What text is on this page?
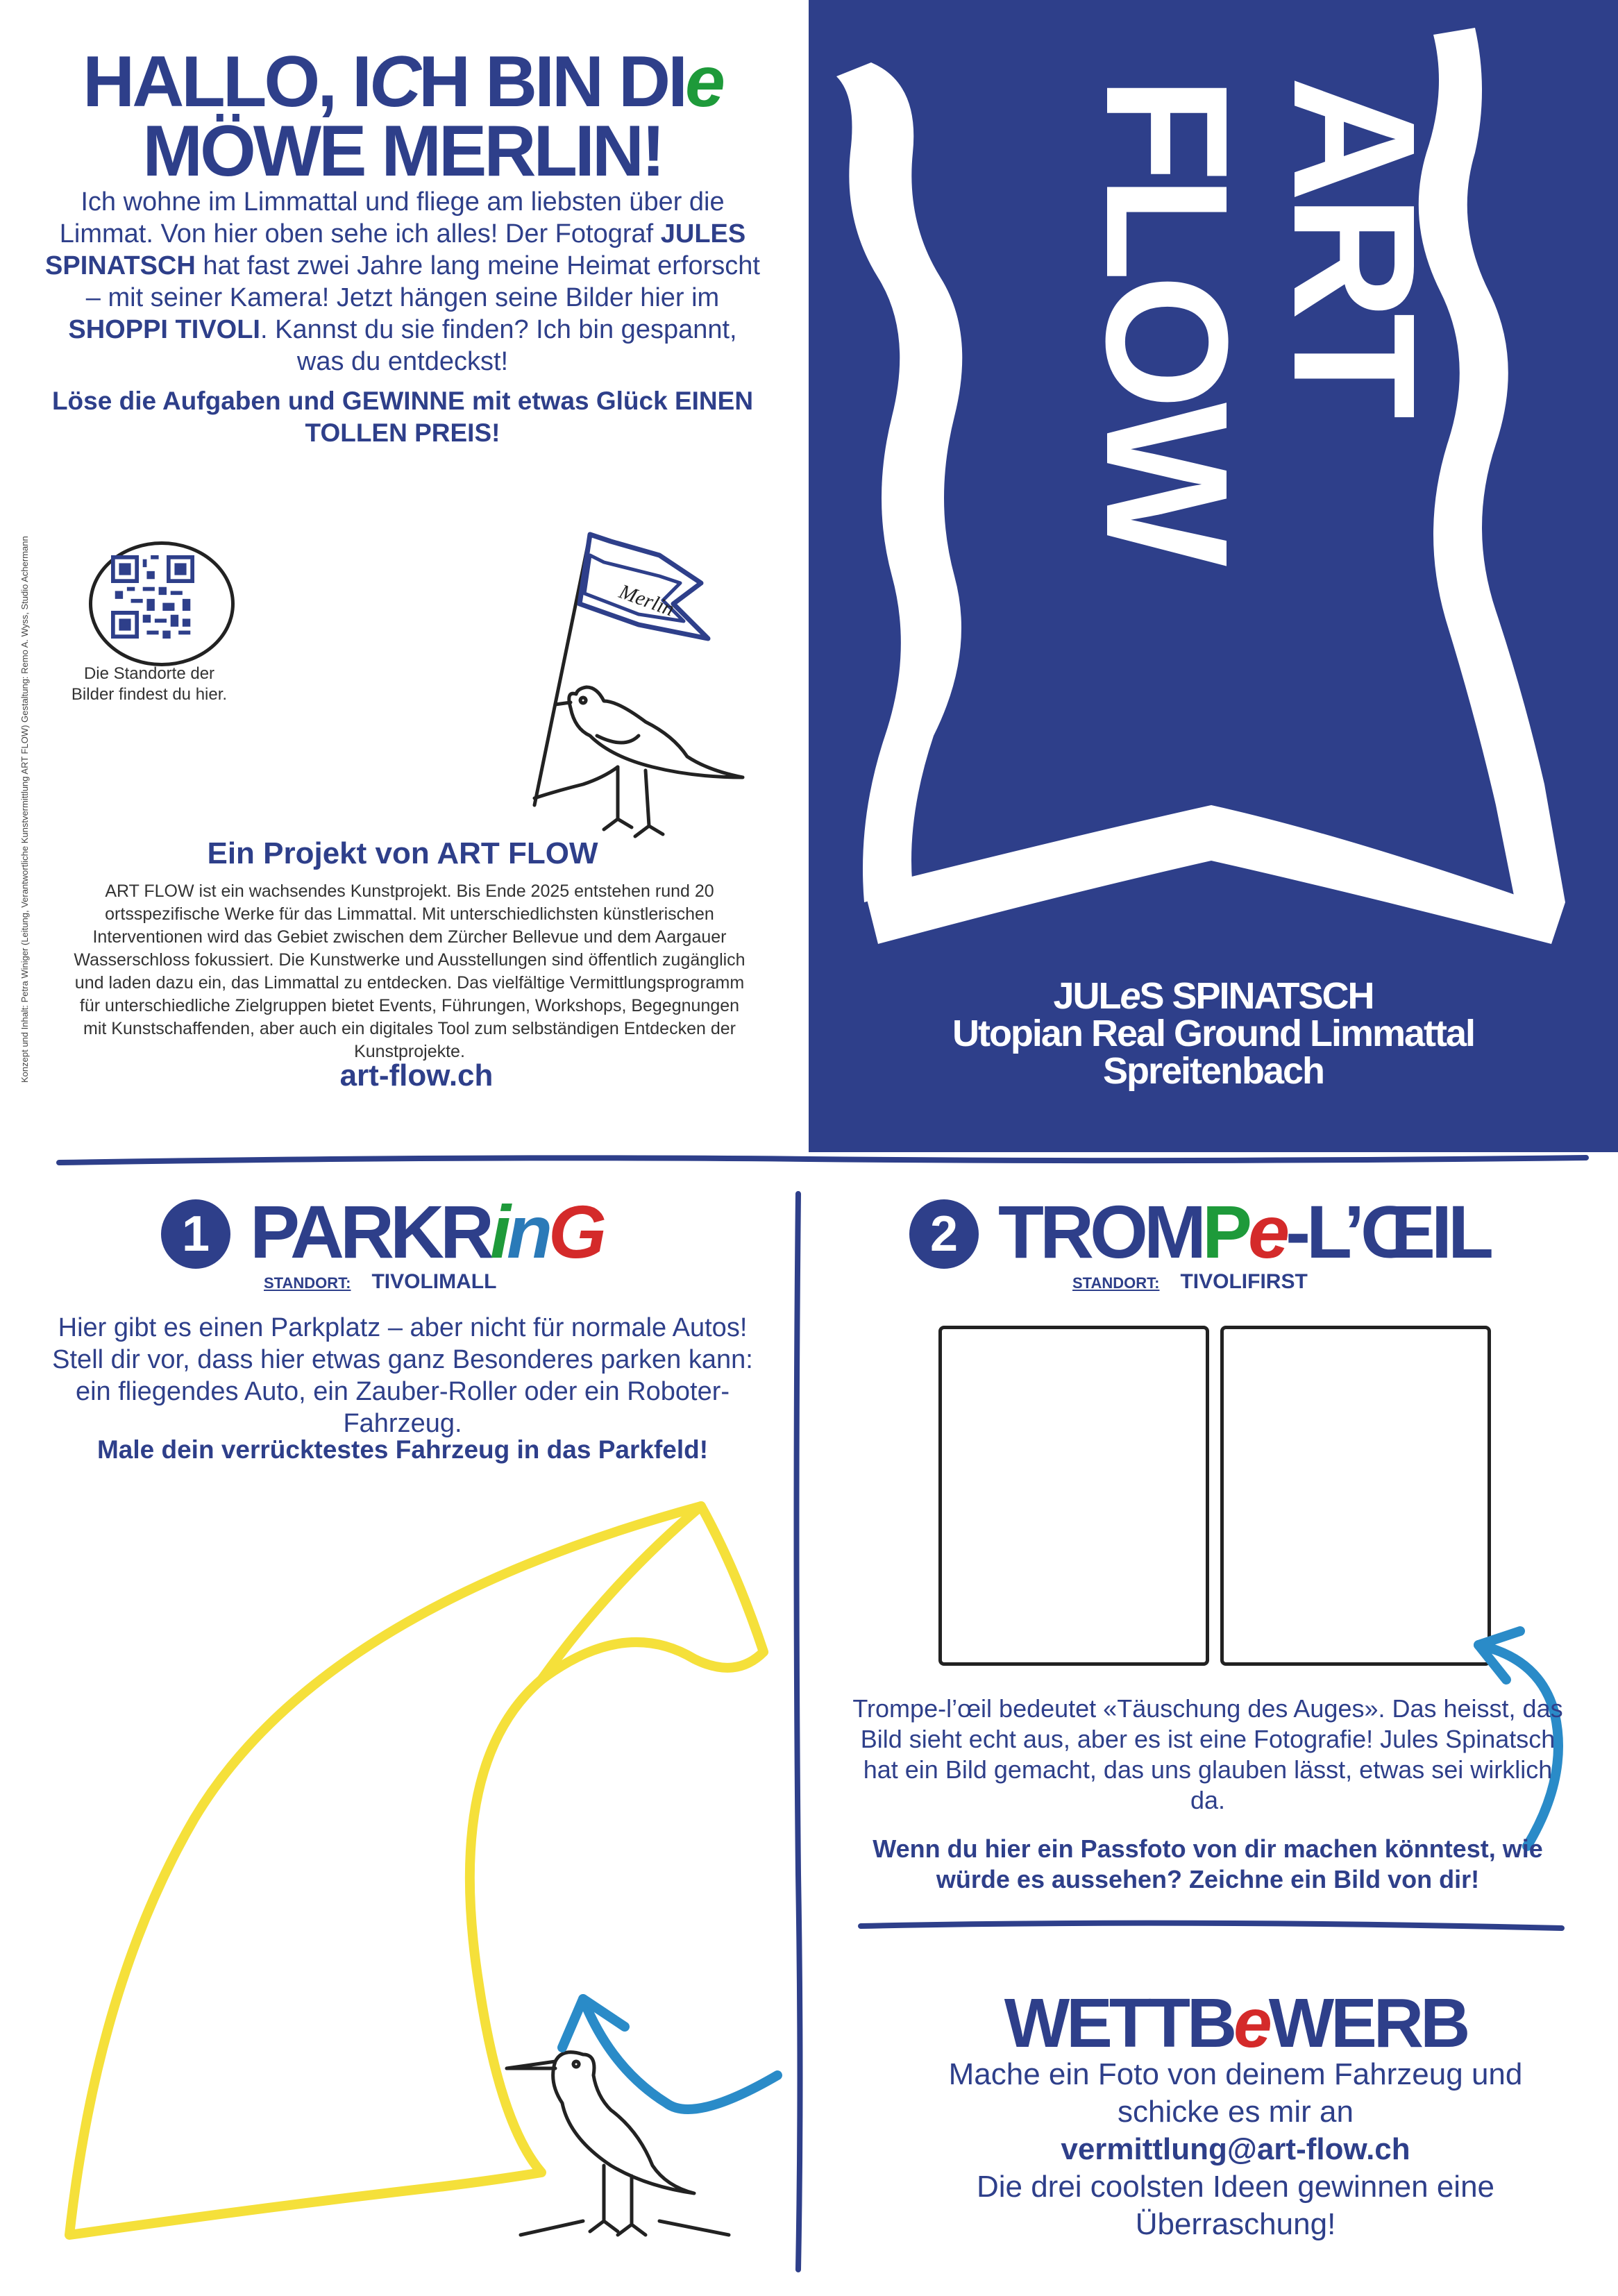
HALLO, ICH BIN DIe
MÖWE MERLIN!
Ich wohne im Limmattal und fliege am liebsten über die Limmat. Von hier oben sehe ich alles! Der Fotograf JULES SPINATSCH hat fast zwei Jahre lang meine Heimat erforscht – mit seiner Kamera! Jetzt hängen seine Bilder hier im SHOPPI TIVOLI. Kannst du sie finden? Ich bin gespannt, was du entdeckst!
Löse die Aufgaben und GEWINNE mit etwas Glück EINEN TOLLEN PREIS!
Konzept und Inhalt: Petra Winiger (Leitung, Verantwortliche Kunstvermittlung ART FLOW) Gestaltung: Remo A. Wyss, Studio Achermann	Die Standorte der Bilder findest du hier.
Merlin
Ein Projekt von ART FLOW
ART FLOW ist ein wachsendes Kunstprojekt. Bis Ende 2025 entstehen rund 20 ortsspezifische Werke für das Limmattal. Mit unterschiedlichsten künstlerischen Interventionen wird das Gebiet zwischen dem Zürcher Bellevue und dem Aargauer Wasserschloss fokussiert. Die Kunstwerke und Ausstellungen sind öffentlich zugänglich und laden dazu ein, das Limmattal zu entdecken. Das vielfältige Vermittlungsprogramm für unterschiedliche Zielgruppen bietet Events, Führungen, Workshops, Begegnungen mit Kunstschaffenden, aber auch ein digitales Tool zum selbständigen Entdecken der Kunstprojekte.
art-flow.ch
ART
FLOW
JULeS SPINATSCH
Utopian Real Ground Limmattal
Spreitenbach
1 PARKRinG
STANDORT: TIVOLIMALL
Hier gibt es einen Parkplatz – aber nicht für normale Autos! Stell dir vor, dass hier etwas ganz Besonderes parken kann: ein fliegendes Auto, ein Zauber-Roller oder ein Roboter-Fahrzeug.
Male dein verrücktestes Fahrzeug in das Parkfeld!
2 TROMPe-L’ŒIL
STANDORT: TIVOLIFIRST
Trompe-l’œil bedeutet «Täuschung des Auges». Das heisst, das Bild sieht echt aus, aber es ist eine Fotografie! Jules Spinatsch hat ein Bild gemacht, das uns glauben lässt, etwas sei wirklich da.
Wenn du hier ein Passfoto von dir machen könntest, wie würde es aussehen? Zeichne ein Bild von dir!
WETTBeWERB
Mache ein Foto von deinem Fahrzeug und schicke es mir an
vermittlung@art-flow.ch
Die drei coolsten Ideen gewinnen eine Überraschung!
